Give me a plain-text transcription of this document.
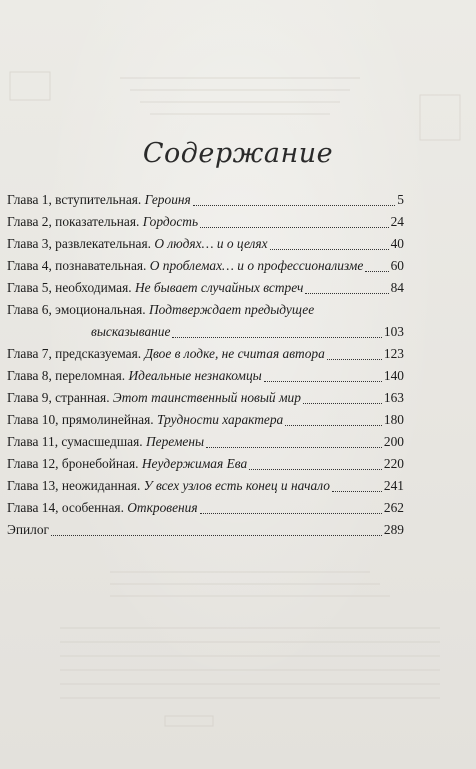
Содержание
Глава 1, вступительная. Героиня	5
Глава 2, показательная. Гордость	24
Глава 3, развлекательная. О людях… и о целях	40
Глава 4, познавательная. О проблемах… и о профессионализме 60
Глава 5, необходимая. Не бывает случайных встреч	84
Глава 6, эмоциональная. Подтверждает предыдущее
высказывание	103
Глава 7, предсказуемая. Двое в лодке, не считая автора	123
Глава 8, переломная. Идеальные незнакомцы	140
Глава 9, странная. Этот таинственный новый мир	163
Глава 10, прямолинейная. Трудности характера	180
Глава 11, сумасшедшая. Перемены	200
Глава 12, бронебойная. Неудержимая Ева	220
Глава 13, неожиданная. У всех узлов есть конец и начало	241
Глава 14, особенная. Откровения	262
Эпилог	289
